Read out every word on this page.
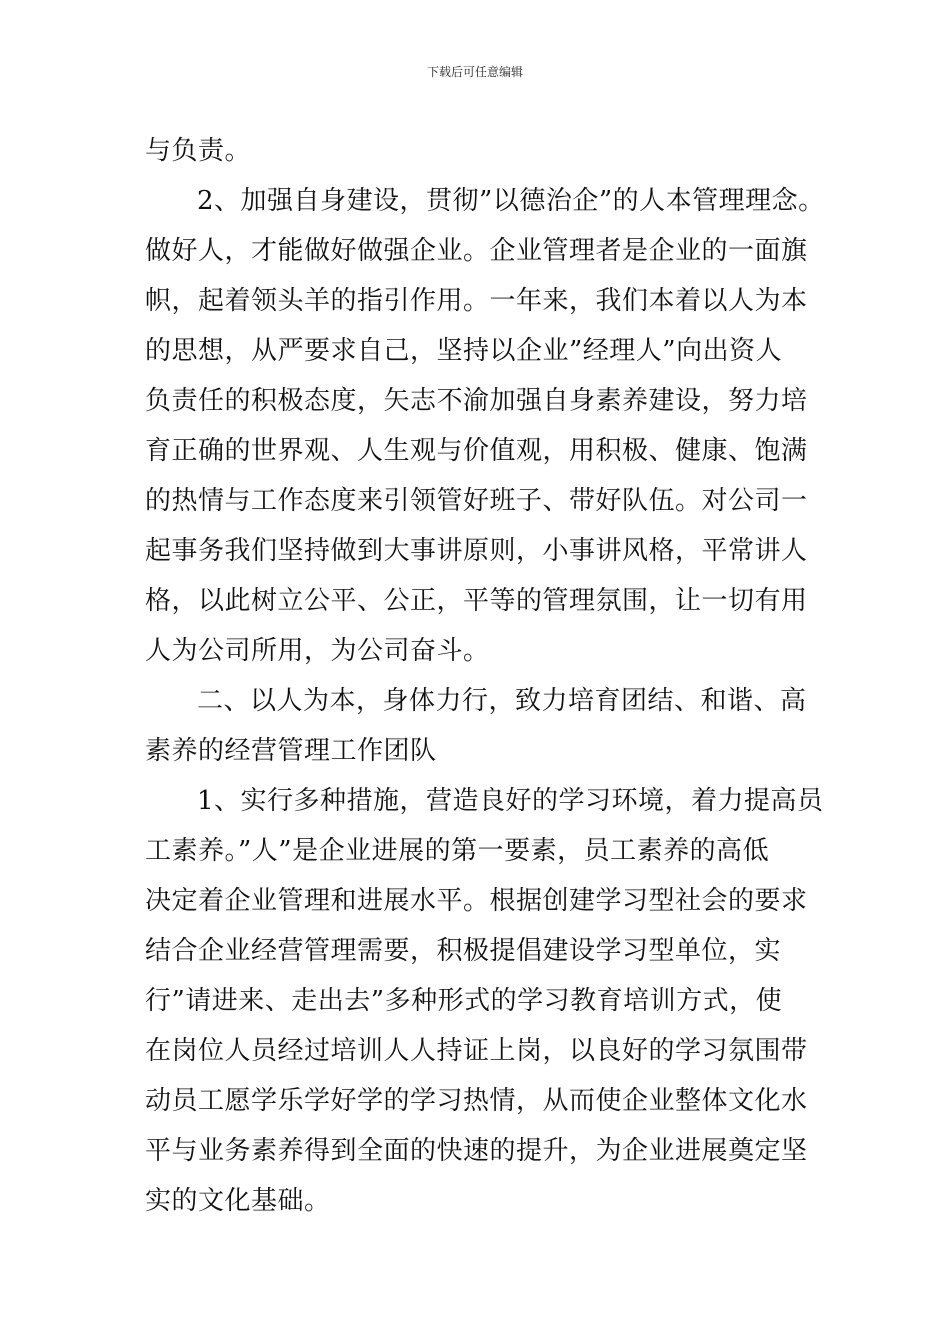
下载后可任意编辑

与负责。

2、加强自身建设，贯彻”以德治企”的人本管理理念。
做好人，才能做好做强企业。企业管理者是企业的一面旗
帜，起着领头羊的指引作用。一年来，我们本着以人为本
的思想，从严要求自己，坚持以企业”经理人”向出资人
负责任的积极态度，矢志不渝加强自身素养建设，努力培
育正确的世界观、人生观与价值观，用积极、健康、饱满
的热情与工作态度来引领管好班子、带好队伍。对公司一
起事务我们坚持做到大事讲原则，小事讲风格，平常讲人
格，以此树立公平、公正，平等的管理氛围，让一切有用
人为公司所用，为公司奋斗。

二、以人为本，身体力行，致力培育团结、和谐、高
素养的经营管理工作团队

1、实行多种措施，营造良好的学习环境，着力提高员
工素养。”人”是企业进展的第一要素，员工素养的高低
决定着企业管理和进展水平。根据创建学习型社会的要求
结合企业经营管理需要，积极提倡建设学习型单位，实
行”请进来、走出去”多种形式的学习教育培训方式，使
在岗位人员经过培训人人持证上岗，以良好的学习氛围带
动员工愿学乐学好学的学习热情，从而使企业整体文化水
平与业务素养得到全面的快速的提升，为企业进展奠定坚
实的文化基础。
